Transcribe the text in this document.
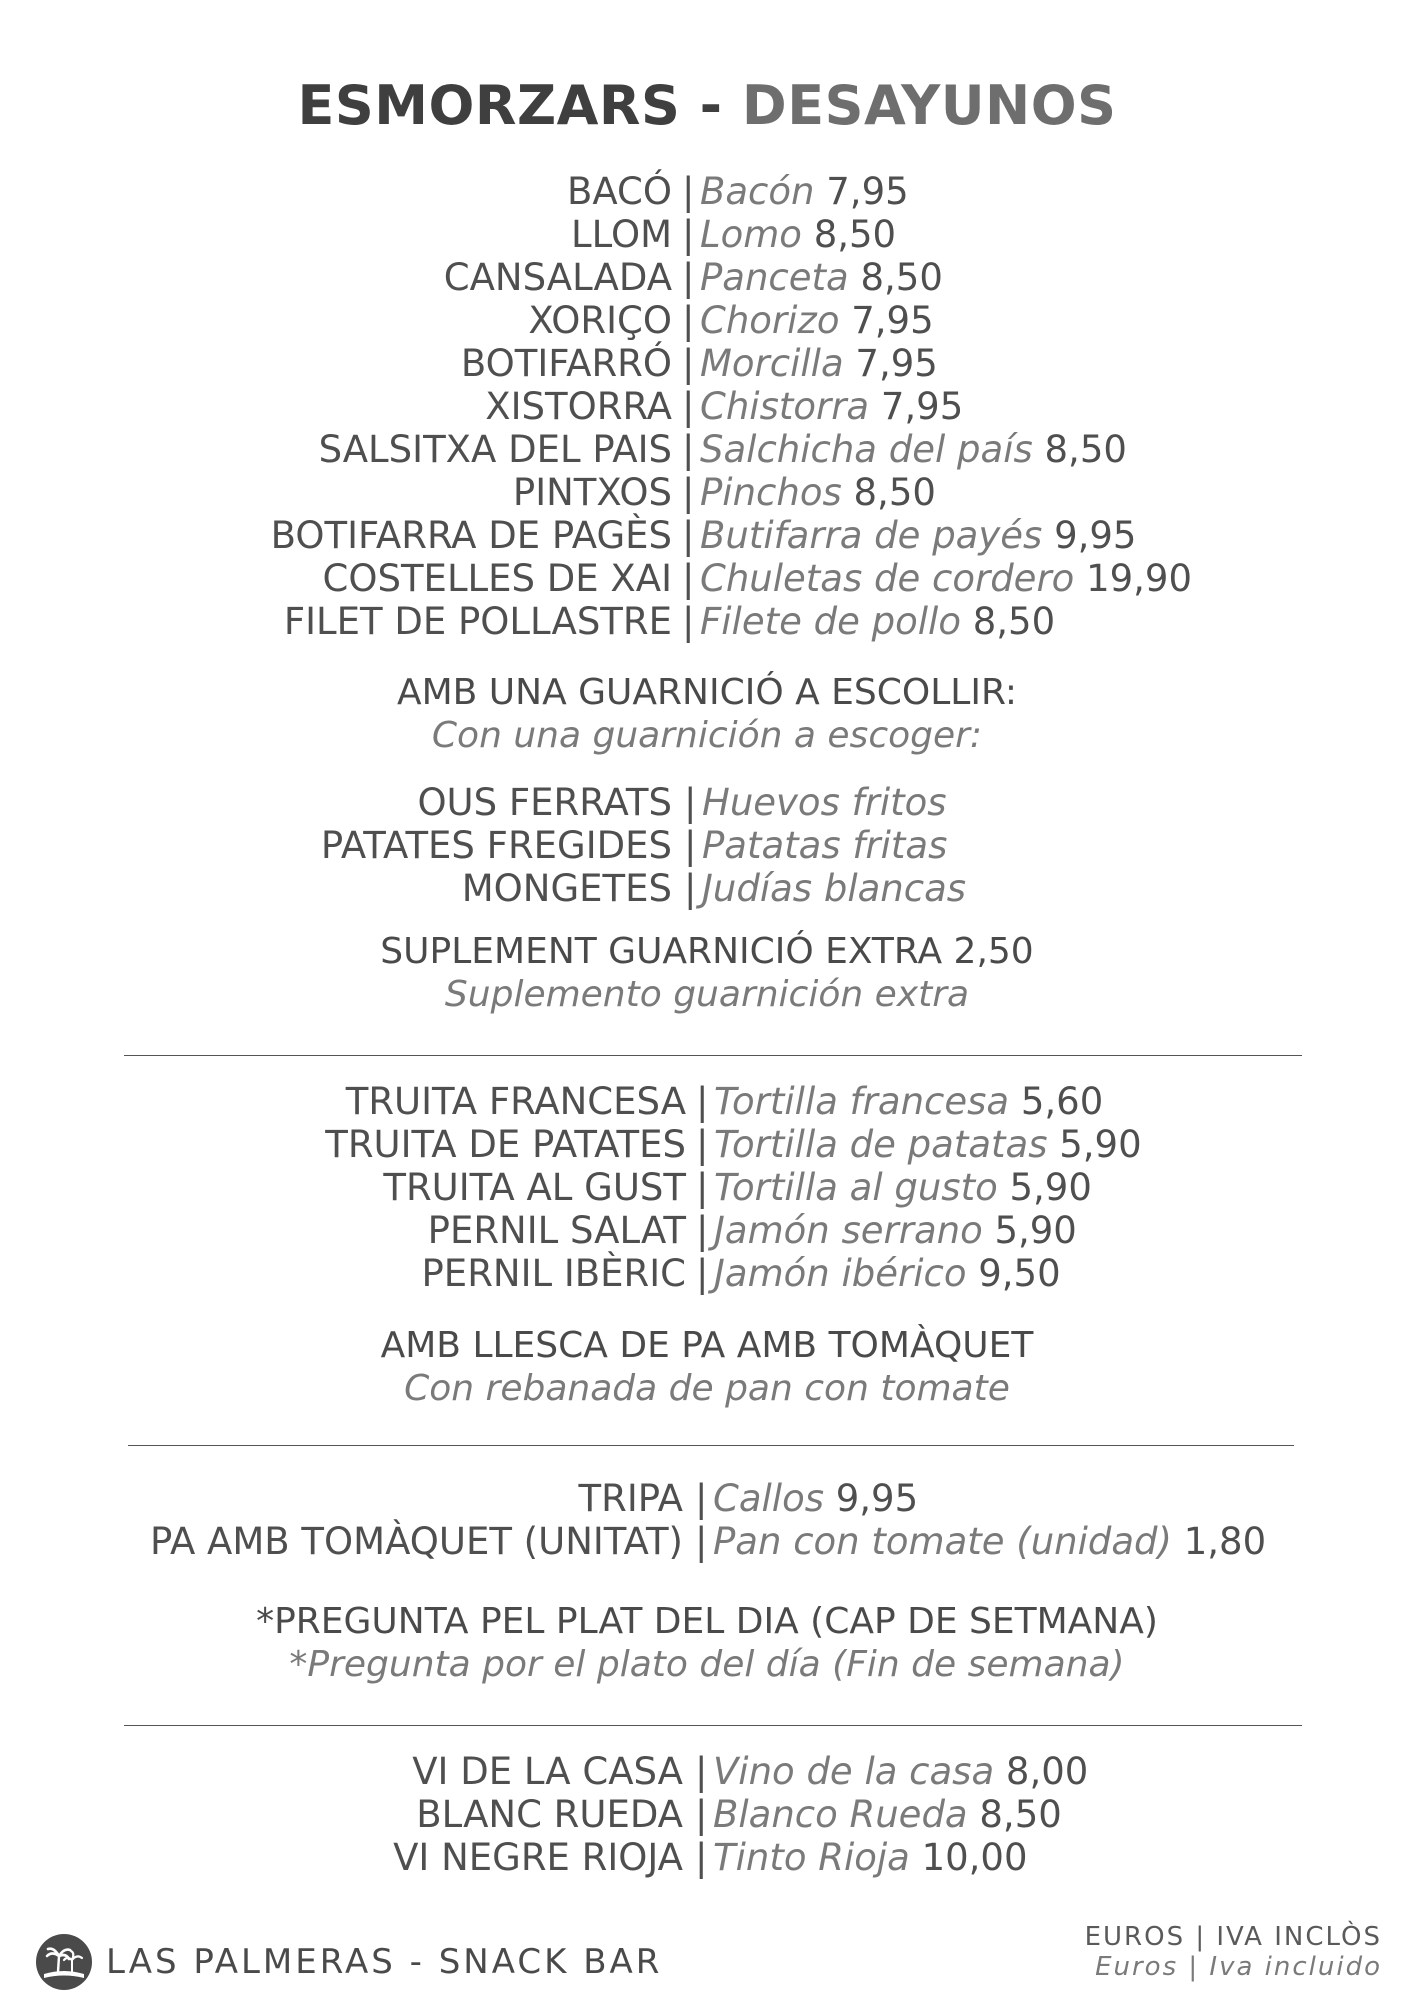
ESMORZARS - DESAYUNOS
BACÓ | Bacón 7,95
LLOM | Lomo 8,50
CANSALADA | Panceta 8,50
XORIÇO | Chorizo 7,95
BOTIFARRÓ | Morcilla 7,95
XISTORRA | Chistorra 7,95
SALSITXA DEL PAIS | Salchicha del país 8,50
PINTXOS | Pinchos 8,50
BOTIFARRA DE PAGÈS | Butifarra de payés 9,95
COSTELLES DE XAI | Chuletas de cordero 19,90
FILET DE POLLASTRE | Filete de pollo 8,50
AMB UNA GUARNICIÓ A ESCOLLIR:
Con una guarnición a escoger:
OUS FERRATS | Huevos fritos
PATATES FREGIDES | Patatas fritas
MONGETES | Judías blancas
SUPLEMENT GUARNICIÓ EXTRA 2,50
Suplemento guarnición extra
TRUITA FRANCESA | Tortilla francesa 5,60
TRUITA DE PATATES | Tortilla de patatas 5,90
TRUITA AL GUST | Tortilla al gusto 5,90
PERNIL SALAT | Jamón serrano 5,90
PERNIL IBÈRIC | Jamón ibérico 9,50
AMB LLESCA DE PA AMB TOMÀQUET
Con rebanada de pan con tomate
TRIPA | Callos 9,95
PA AMB TOMÀQUET (UNITAT) | Pan con tomate (unidad) 1,80
*PREGUNTA PEL PLAT DEL DIA (CAP DE SETMANA)
*Pregunta por el plato del día (Fin de semana)
VI DE LA CASA | Vino de la casa 8,00
BLANC RUEDA | Blanco Rueda 8,50
VI NEGRE RIOJA | Tinto Rioja 10,00
LAS PALMERAS - SNACK BAR
EUROS | IVA INCLÒS
Euros | Iva incluido
